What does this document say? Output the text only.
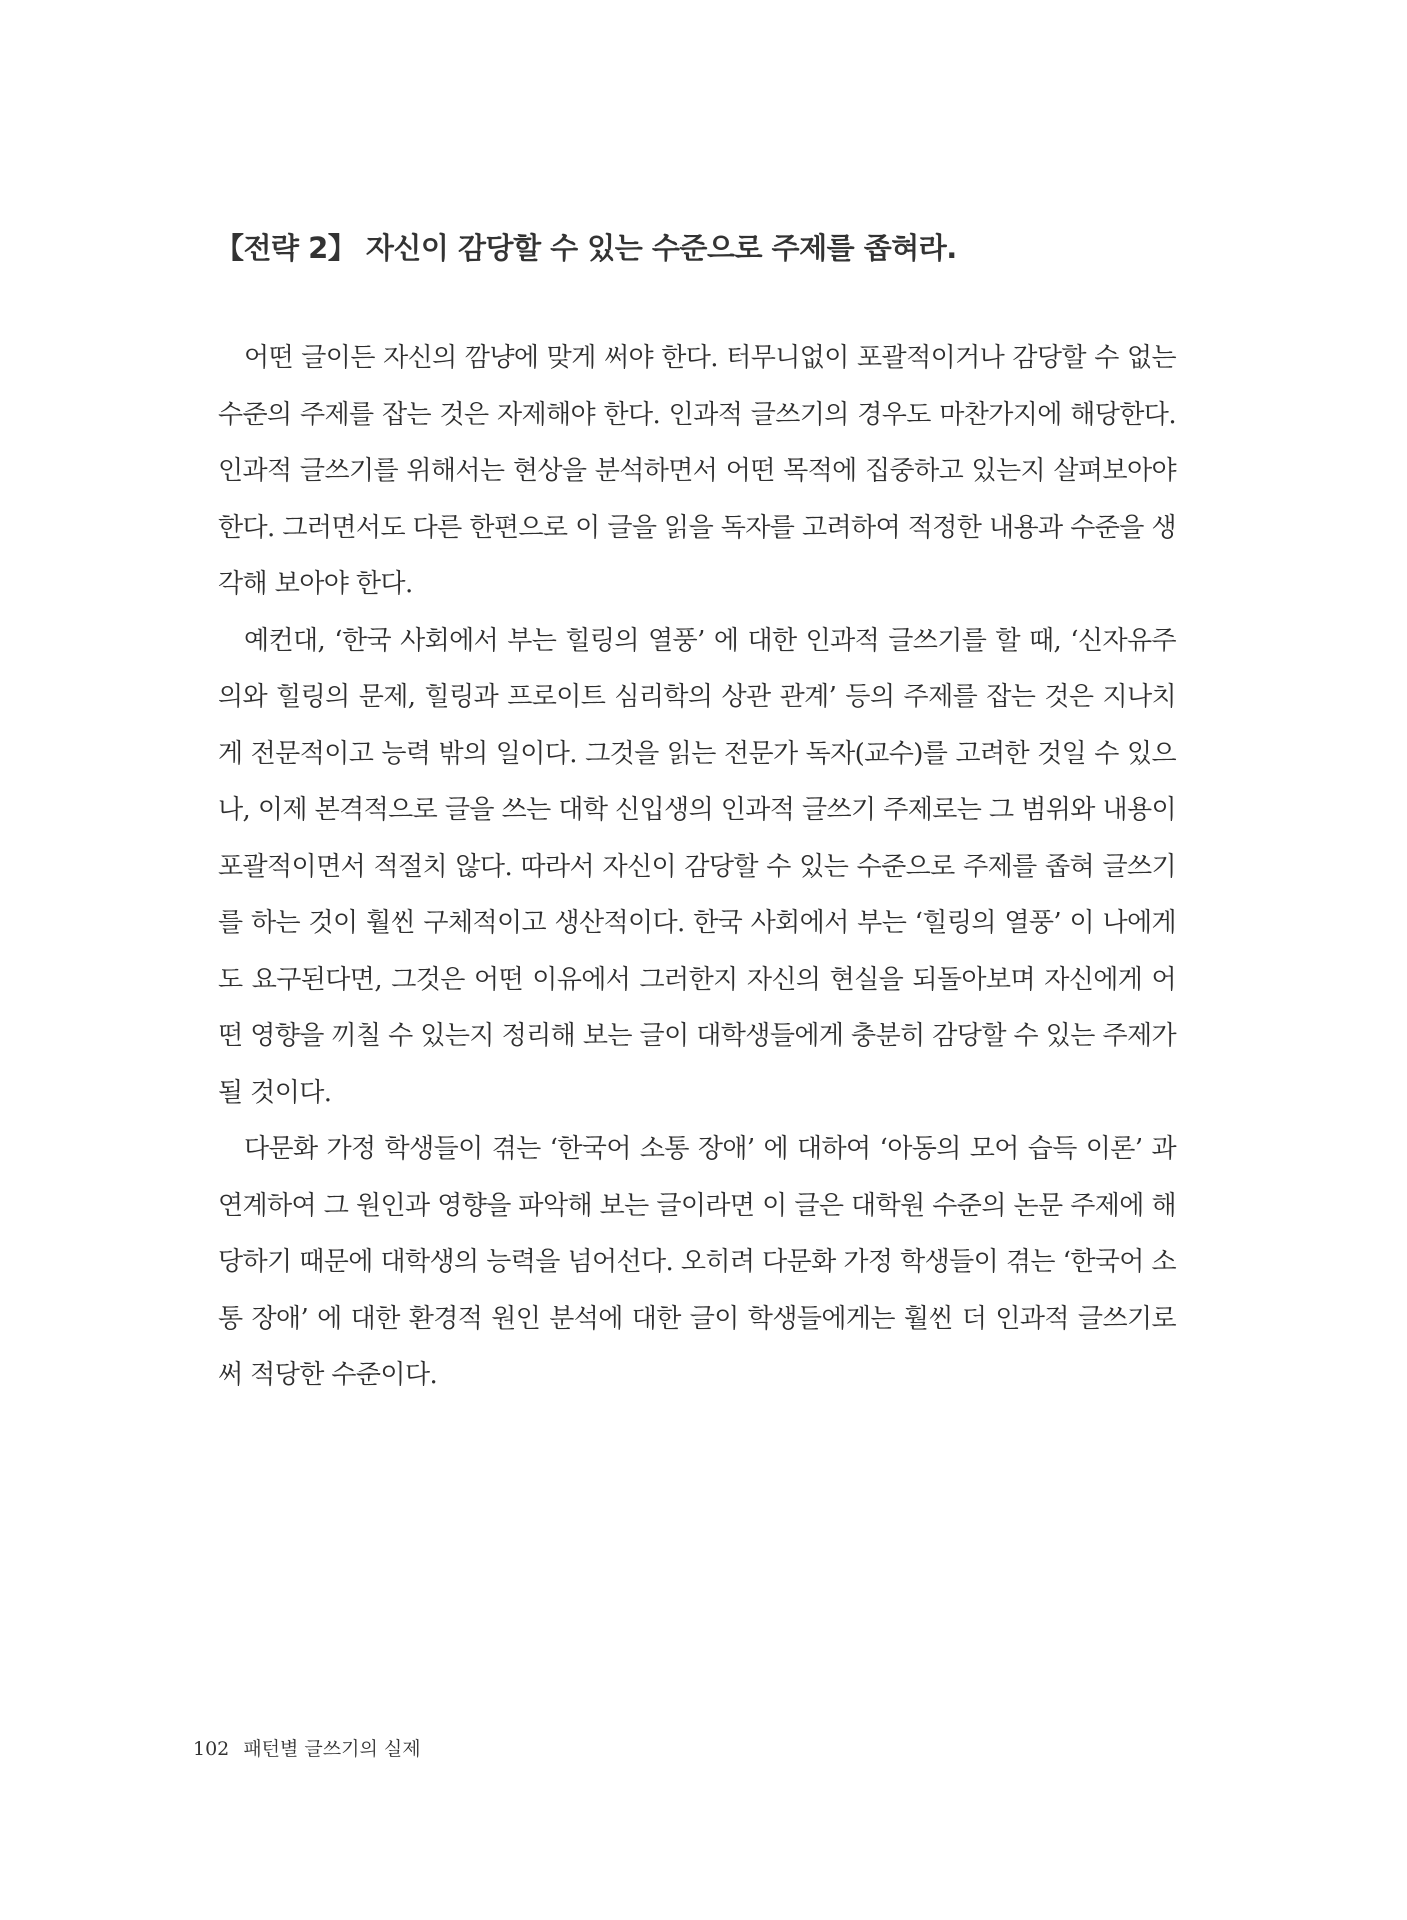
【전략 2】 자신이 감당할 수 있는 수준으로 주제를 좁혀라.

어떤 글이든 자신의 깜냥에 맞게 써야 한다. 터무니없이 포괄적이거나 감당할 수 없는 수준의 주제를 잡는 것은 자제해야 한다. 인과적 글쓰기의 경우도 마찬가지에 해당한다. 인과적 글쓰기를 위해서는 현상을 분석하면서 어떤 목적에 집중하고 있는지 살펴보아야 한다. 그러면서도 다른 한편으로 이 글을 읽을 독자를 고려하여 적정한 내용과 수준을 생각해 보아야 한다.

예컨대, ‘한국 사회에서 부는 힐링의 열풍’ 에 대한 인과적 글쓰기를 할 때, ‘신자유주의와 힐링의 문제, 힐링과 프로이트 심리학의 상관 관계’ 등의 주제를 잡는 것은 지나치게 전문적이고 능력 밖의 일이다. 그것을 읽는 전문가 독자(교수)를 고려한 것일 수 있으나, 이제 본격적으로 글을 쓰는 대학 신입생의 인과적 글쓰기 주제로는 그 범위와 내용이 포괄적이면서 적절치 않다. 따라서 자신이 감당할 수 있는 수준으로 주제를 좁혀 글쓰기를 하는 것이 훨씬 구체적이고 생산적이다. 한국 사회에서 부는 ‘힐링의 열풍’ 이 나에게도 요구된다면, 그것은 어떤 이유에서 그러한지 자신의 현실을 되돌아보며 자신에게 어떤 영향을 끼칠 수 있는지 정리해 보는 글이 대학생들에게 충분히 감당할 수 있는 주제가 될 것이다.

다문화 가정 학생들이 겪는 ‘한국어 소통 장애’ 에 대하여 ‘아동의 모어 습득 이론’ 과 연계하여 그 원인과 영향을 파악해 보는 글이라면 이 글은 대학원 수준의 논문 주제에 해당하기 때문에 대학생의 능력을 넘어선다. 오히려 다문화 가정 학생들이 겪는 ‘한국어 소통 장애’ 에 대한 환경적 원인 분석에 대한 글이 학생들에게는 훨씬 더 인과적 글쓰기로써 적당한 수준이다.

102 패턴별 글쓰기의 실제
